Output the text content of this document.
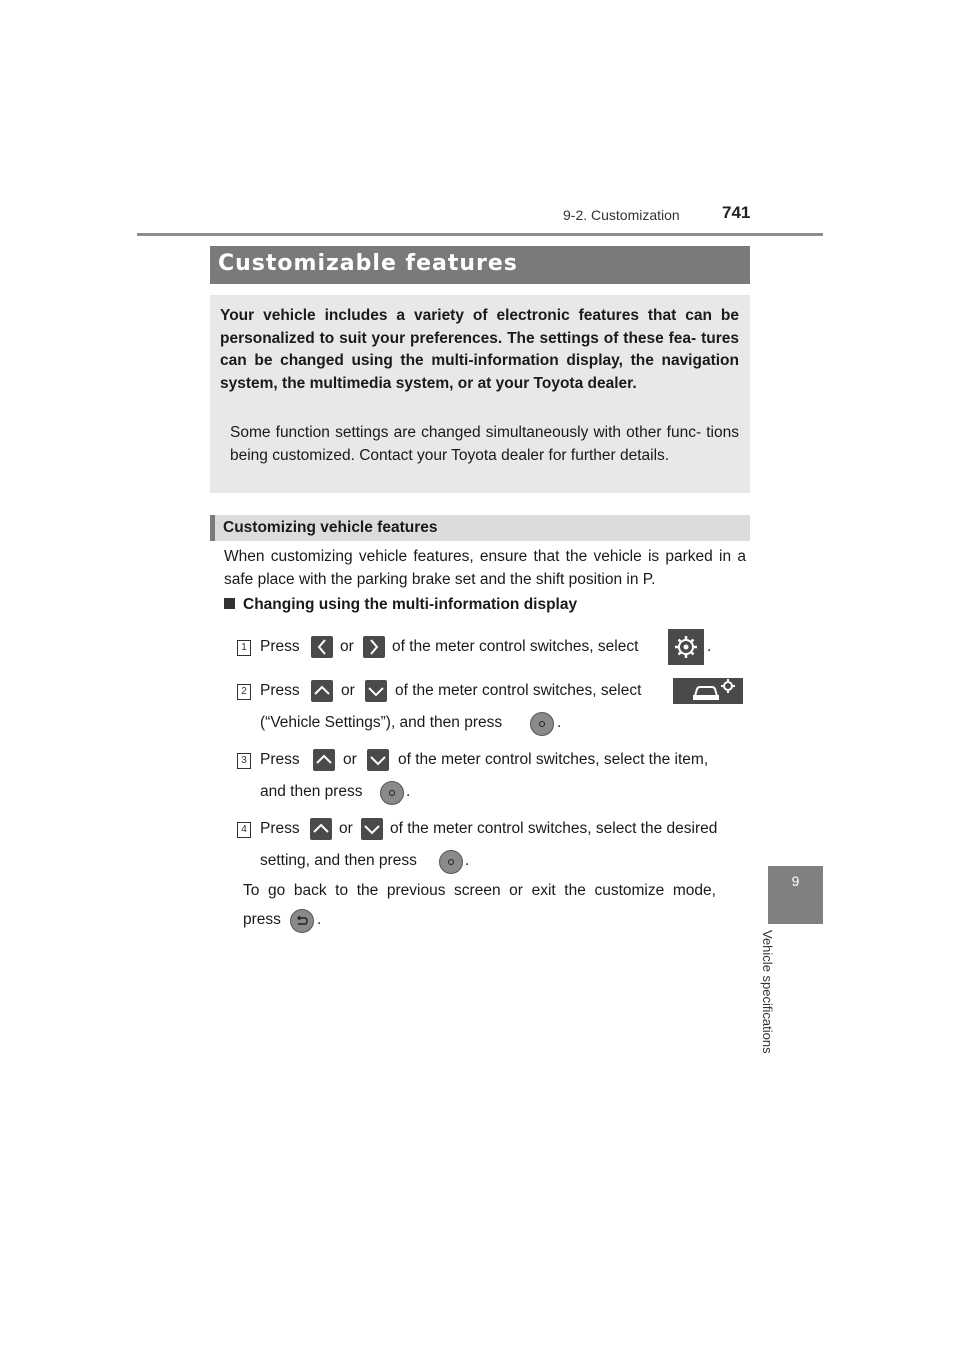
9-2. Customization 741
9
Vehicle specifications
Customizable features
Your vehicle includes a variety of electronic features that can be personalized to suit your preferences. The settings of these fea- tures can be changed using the multi-information display, the navigation system, the multimedia system, or at your Toyota dealer.
Some function settings are changed simultaneously with other func- tions being customized. Contact your Toyota dealer for further details.
Customizing vehicle features
When customizing vehicle features, ensure that the vehicle is parked in a safe place with the parking brake set and the shift position in P.
Changing using the multi-information display
1 Press	or of the meter control switches, select	.
2 Press	or	of the meter control switches, select
(“Vehicle Settings”), and then press	.
3 Press	or	of the meter control switches, select the item,
and then press	.
4 Press	or of the meter control switches, select the desired
setting, and then press	.
To go back to the previous screen or exit the customize mode,
press .
